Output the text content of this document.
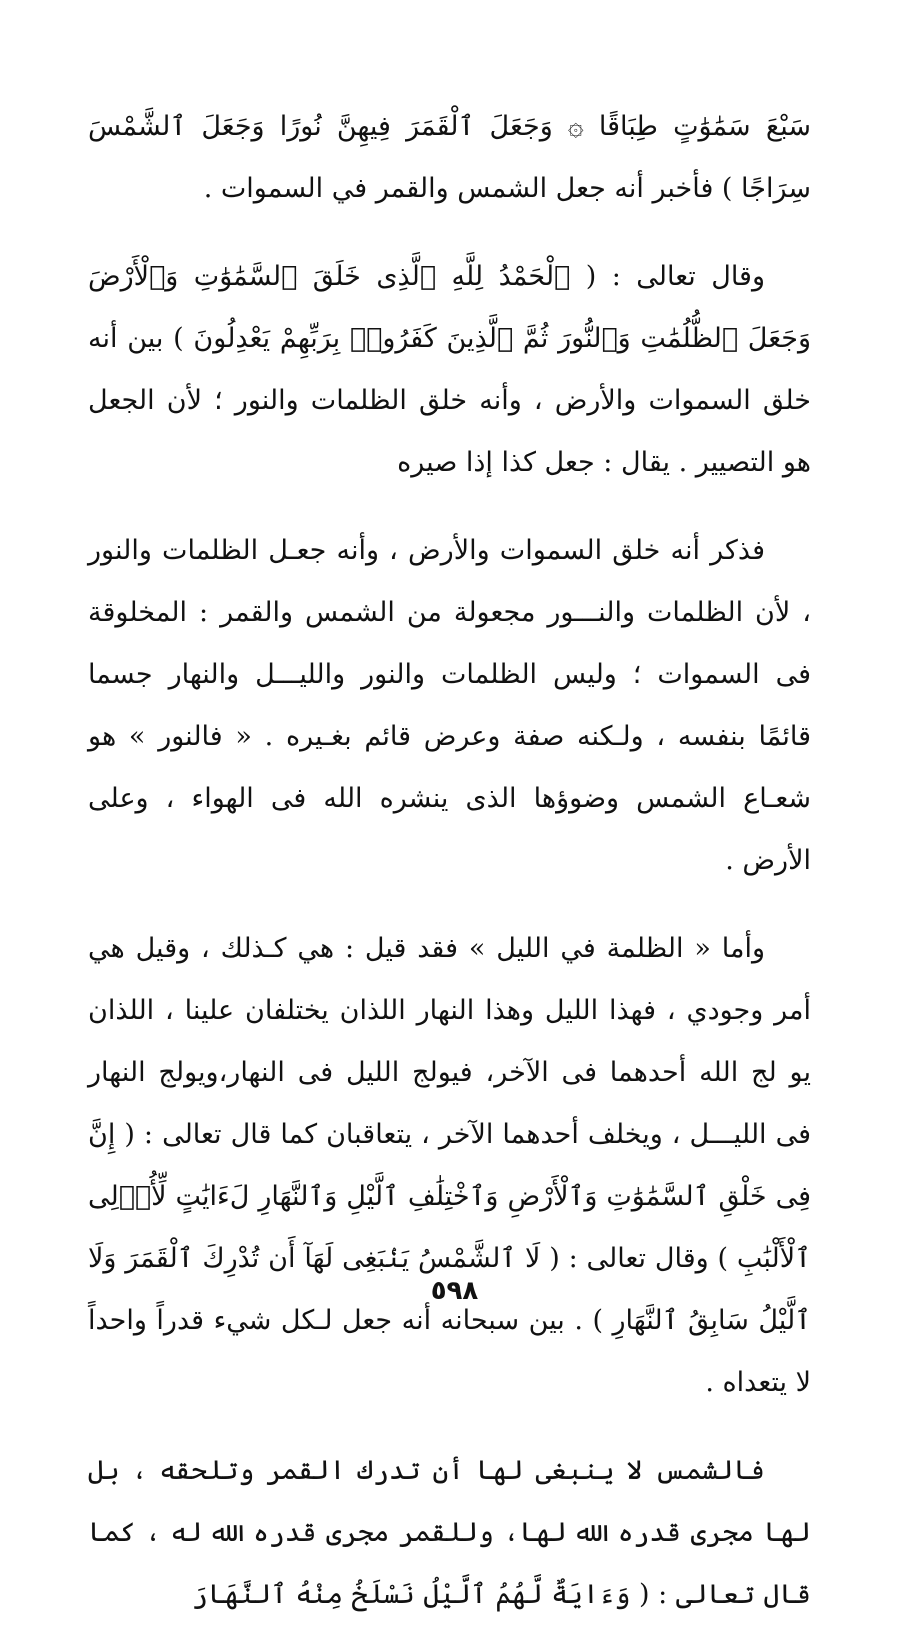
سَبْعَ سَمَٰوَٰتٍ طِبَاقًا ۞ وَجَعَلَ ٱلْقَمَرَ فِيهِنَّ نُورًا وَجَعَلَ ٱلشَّمْسَ سِرَاجًا ) فأخبر أنه جعل الشمس والقمر في السموات .

وقال تعالى : ( ٱلْحَمْدُ لِلَّهِ ٱلَّذِى خَلَقَ ٱلسَّمَٰوَٰتِ وَٱلْأَرْضَ وَجَعَلَ ٱلظُّلُمَٰتِ وَٱلنُّورَ ثُمَّ ٱلَّذِينَ كَفَرُوا۟ بِرَبِّهِمْ يَعْدِلُونَ ) بين أنه خلق السموات والأرض ، وأنه خلق الظلمات والنور ؛ لأن الجعل هو التصيير . يقال : جعل كذا إذا صيره

فذكر أنه خلق السموات والأرض ، وأنه جعـل الظلمات والنور ، لأن الظلمات والنـــور مجعولة من الشمس والقمر : المخلوقة فى السموات ؛ وليس الظلمات والنور والليـــل والنهار جسما قائمًا بنفسه ، ولـكنه صفة وعرض قائم بغـيره . « فالنور » هو شعـاع الشمس وضوؤها الذى ينشره الله فى الهواء ، وعلى الأرض .

وأما « الظلمة في الليل » فقد قيل : هي كـذلك ، وقيل هي أمر وجودي ، فهذا الليل وهذا النهار اللذان يختلفان علينا ، اللذان يو لج الله أحدهما فى الآخر، فيولج الليل فى النهار،ويولج النهار فى الليـــل ، ويخلف أحدهما الآخر ، يتعاقبان كما قال تعالى : ( إِنَّ فِى خَلْقِ ٱلسَّمَٰوَٰتِ وَٱلْأَرْضِ وَٱخْتِلَٰفِ ٱلَّيْلِ وَٱلنَّهَارِ لَءَايَٰتٍ لِّأُو۟لِى ٱلْأَلْبَٰبِ ) وقال تعالى : ( لَا ٱلشَّمْسُ يَنۢبَغِى لَهَآ أَن تُدْرِكَ ٱلْقَمَرَ وَلَا ٱلَّيْلُ سَابِقُ ٱلنَّهَارِ ) . بين سبحانه أنه جعل لـكل شيء قدراً واحداً لا يتعداه .

فالشمس لا ينبغى لها أن تدرك القمر وتلحقه ، بل لها مجرى قدره الله لها، وللقمر مجرى قدره الله له ، كما قال تعالى : ( وَءَايَةٌ لَّهُمُ ٱلَّيْلُ نَسْلَخُ مِنْهُ ٱلنَّهَارَ

٥٩٨
